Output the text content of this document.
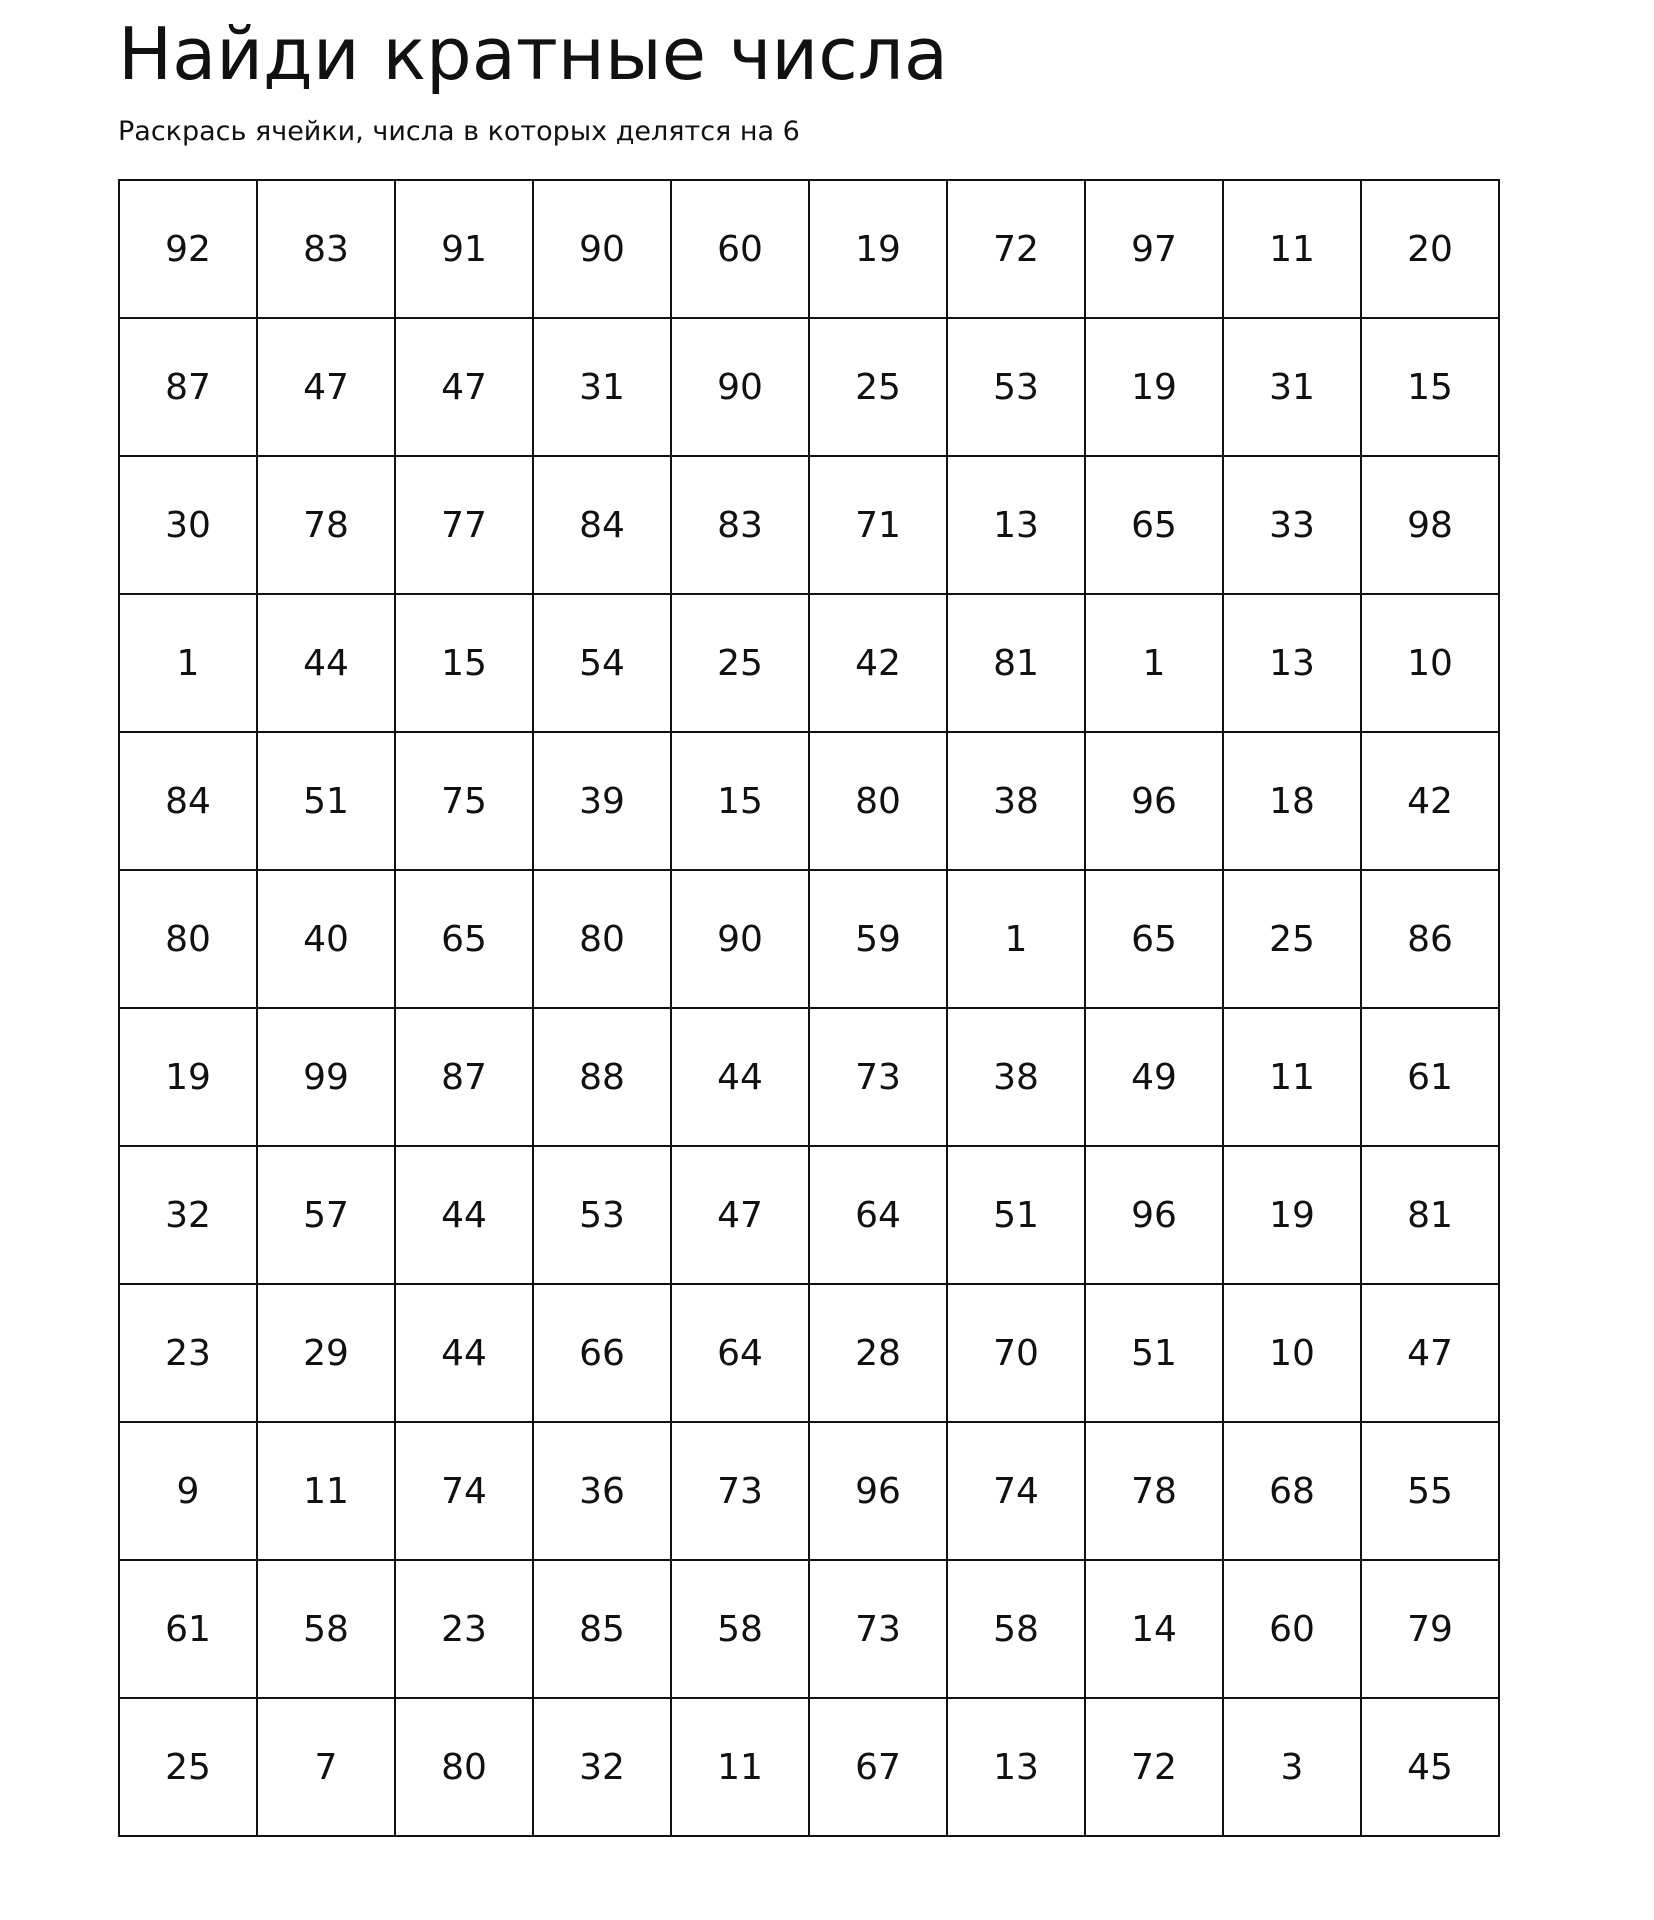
Найди кратные числа

Раскрась ячейки, числа в которых делятся на 6

92	83	91	90	60	19	72	97	11	20
87	47	47	31	90	25	53	19	31	15
30	78	77	84	83	71	13	65	33	98
1	44	15	54	25	42	81	1	13	10
84	51	75	39	15	80	38	96	18	42
80	40	65	80	90	59	1	65	25	86
19	99	87	88	44	73	38	49	11	61
32	57	44	53	47	64	51	96	19	81
23	29	44	66	64	28	70	51	10	47
9	11	74	36	73	96	74	78	68	55
61	58	23	85	58	73	58	14	60	79
25	7	80	32	11	67	13	72	3	45
